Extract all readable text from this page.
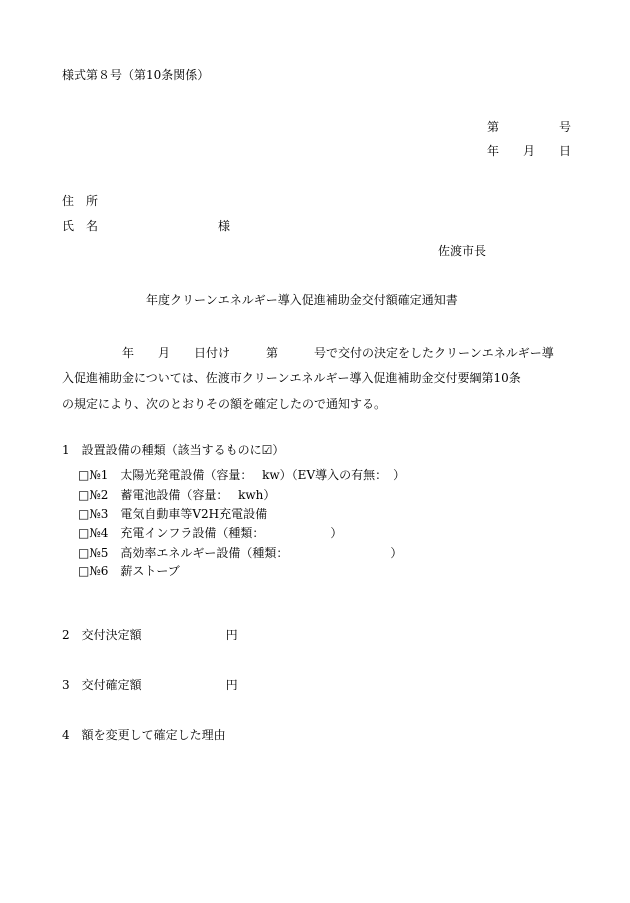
様式第８号（第10条関係）
第　　　　　号
年　　月　　日
住　所
氏　名　　　　　　　　　　様
佐渡市長
年度クリーンエネルギー導入促進補助金交付額確定通知書
　　　　　年　　月　　日付け　　　第　　　号で交付の決定をしたクリーンエネルギー導
入促進補助金については、佐渡市クリーンエネルギー導入促進補助金交付要綱第10条
の規定により、次のとおりその額を確定したので通知する。
1　設置設備の種類（該当するものに☑）
□№1　太陽光発電設備（容量：　 kw）（EV導入の有無：　）
□№2　蓄電池設備（容量：　 kwh）
□№3　電気自動車等V2H充電設備
□№4　充電インフラ設備（種類：　　　　　　）
□№5　高効率エネルギー設備（種類：　　　　　　　　　）
□№6　薪ストーブ
2　交付決定額　　　　　　　円
3　交付確定額　　　　　　　円
4　額を変更して確定した理由
